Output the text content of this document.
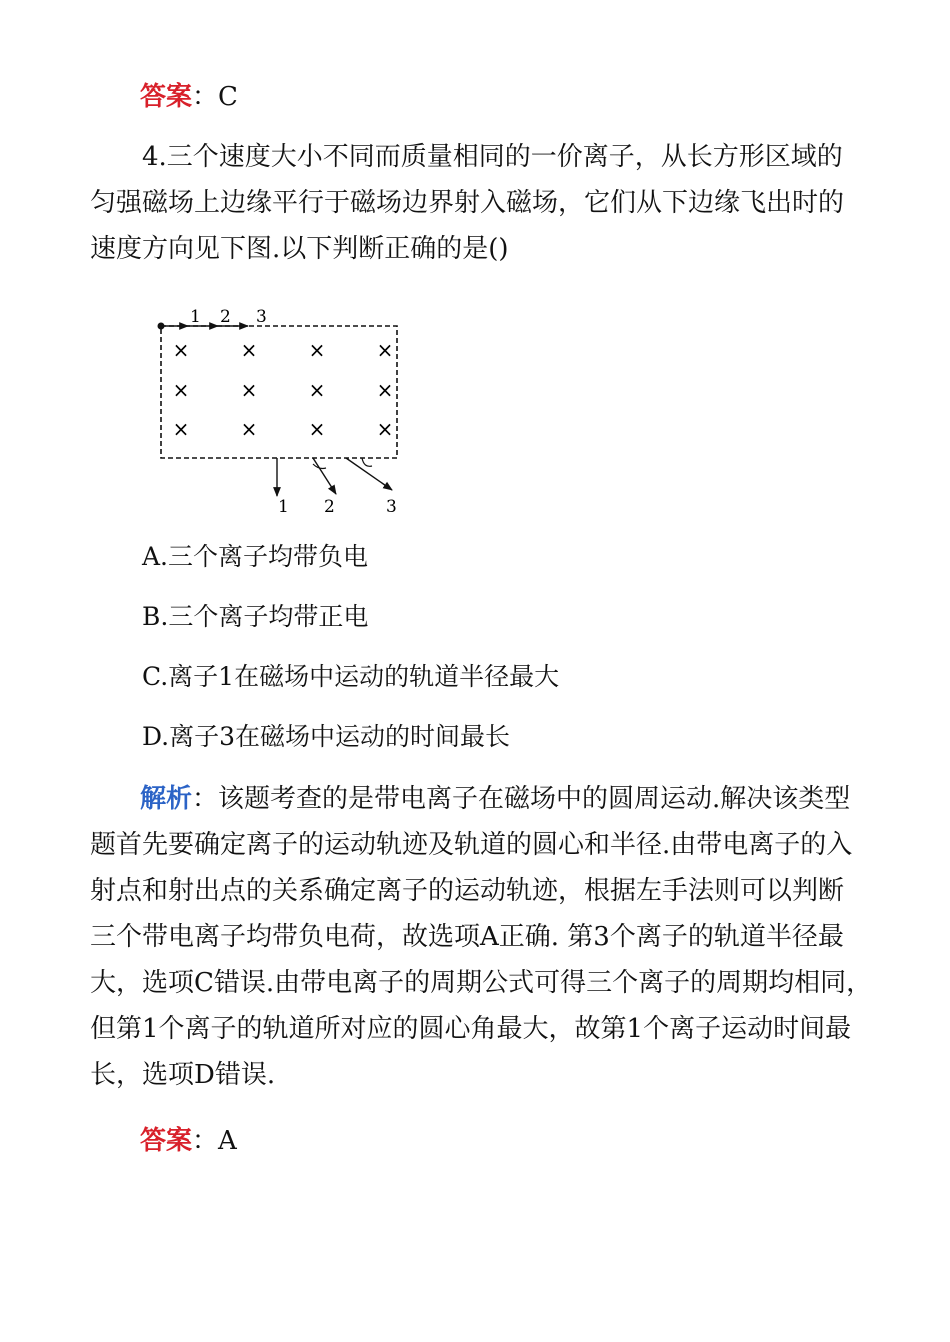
答案：C
4.三个速度大小不同而质量相同的一价离子，从长方形区域的
匀强磁场上边缘平行于磁场边界射入磁场，它们从下边缘飞出时的
速度方向见下图.以下判断正确的是()
1 2 3
×	×	×	×
×	×	×	×
×	×	×	×
1 2	3
A.三个离子均带负电
B.三个离子均带正电
C.离子1在磁场中运动的轨道半径最大
D.离子3在磁场中运动的时间最长
解析：该题考查的是带电离子在磁场中的圆周运动.解决该类型
题首先要确定离子的运动轨迹及轨道的圆心和半径.由带电离子的入
射点和射出点的关系确定离子的运动轨迹，根据左手法则可以判断
三个带电离子均带负电荷，故选项A正确. 第3个离子的轨道半径最
大，选项C错误.由带电离子的周期公式可得三个离子的周期均相同，
但第1个离子的轨道所对应的圆心角最大，故第1个离子运动时间最
长，选项D错误.
答案：A
